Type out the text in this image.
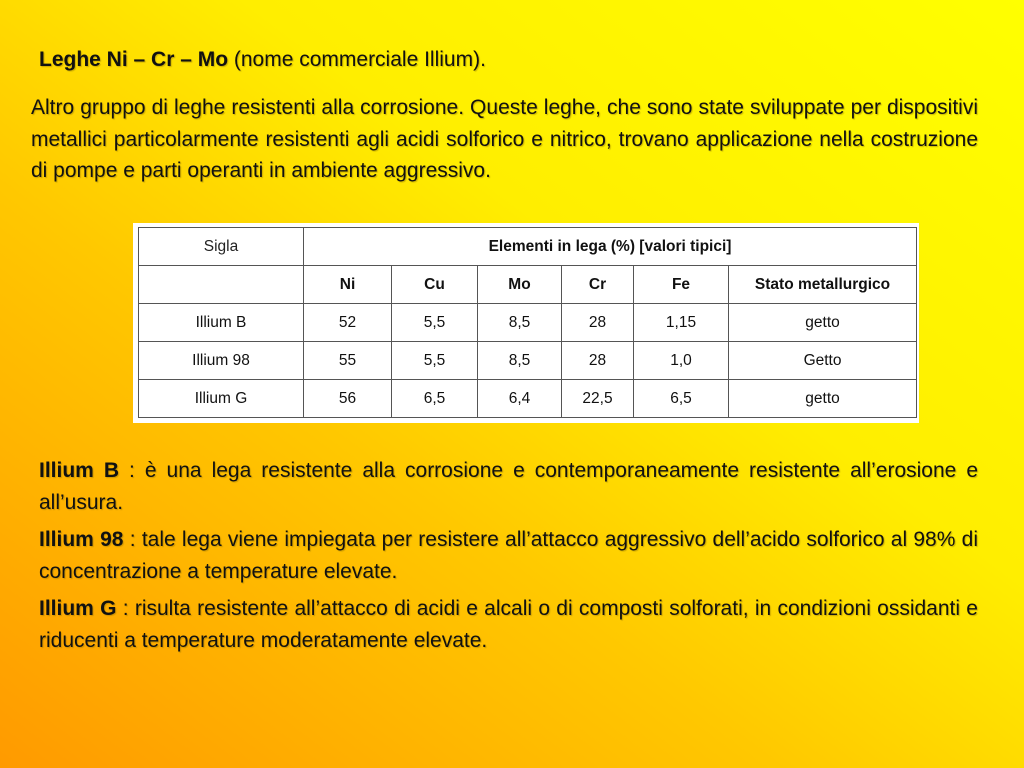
Leghe Ni – Cr – Mo (nome commerciale Illium).
Altro gruppo di leghe resistenti alla corrosione. Queste leghe, che sono state sviluppate per dispositivi metallici particolarmente resistenti agli acidi solforico e nitrico, trovano applicazione nella costruzione di pompe e parti operanti in ambiente aggressivo.
Sigla	Elementi in lega (%) [valori tipici]					
	Ni	Cu	Mo	Cr	Fe	Stato metallurgico
Illium B	52	5,5	8,5	28	1,15	getto
Illium 98	55	5,5	8,5	28	1,0	Getto
Illium G	56	6,5	6,4	22,5	6,5	getto

Illium B : è una lega resistente alla corrosione e contemporaneamente resistente all’erosione e all’usura.

Illium 98 : tale lega viene impiegata per resistere all’attacco aggressivo dell’acido solforico al 98% di concentrazione a temperature elevate.

Illium G : risulta resistente all’attacco di acidi e alcali o di composti solforati, in condizioni ossidanti e riducenti a temperature moderatamente elevate.
